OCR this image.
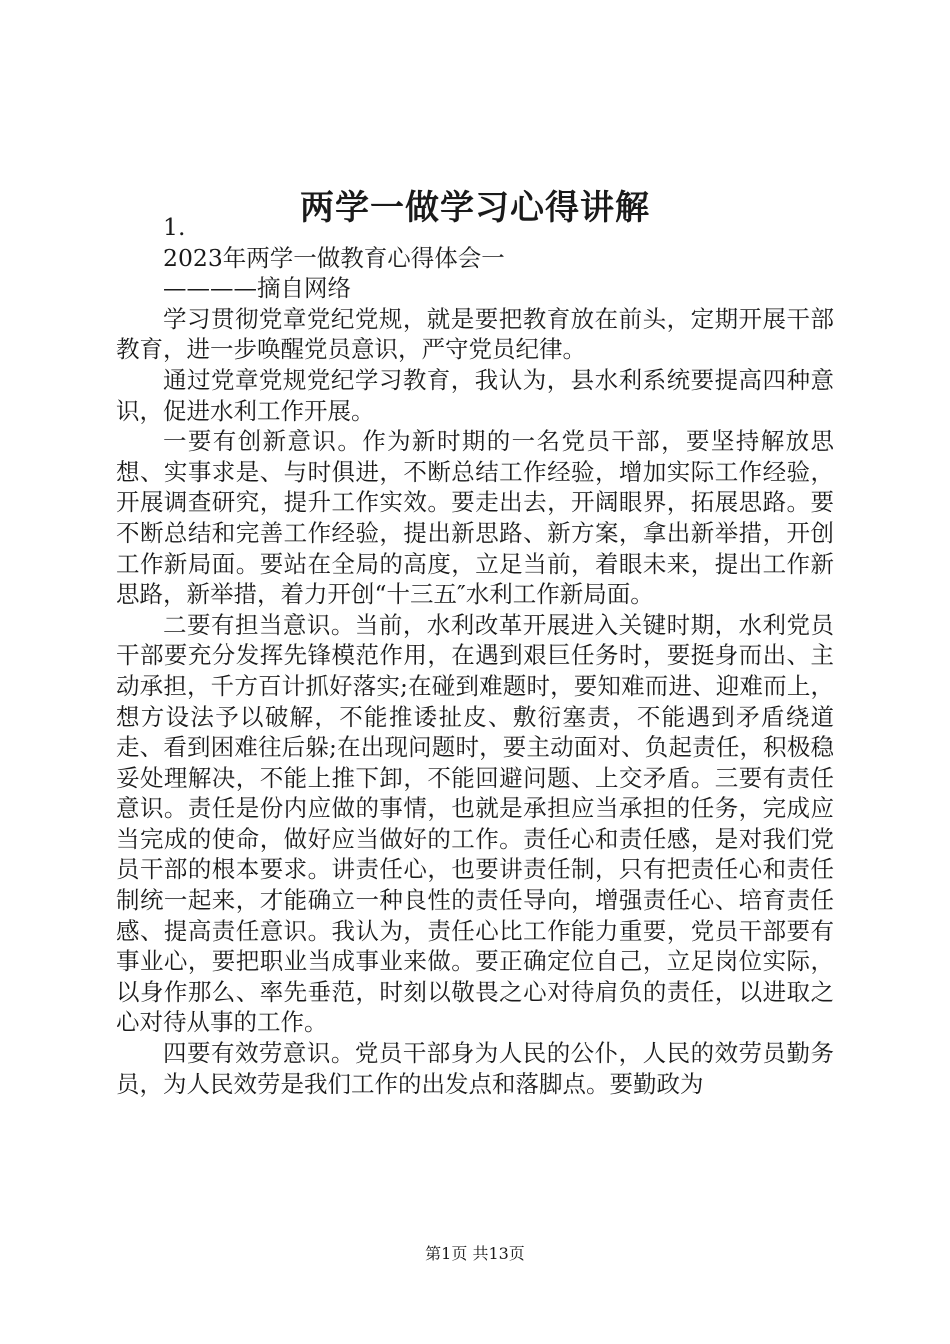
两学一做学习心得讲解

1.

2023年两学一做教育心得体会一

————摘自网络

学习贯彻党章党纪党规，就是要把教育放在前头，定期开展干部教育，进一步唤醒党员意识，严守党员纪律。

通过党章党规党纪学习教育，我认为，县水利系统要提高四种意识，促进水利工作开展。

一要有创新意识。作为新时期的一名党员干部，要坚持解放思想、实事求是、与时俱进，不断总结工作经验，增加实际工作经验，开展调查研究，提升工作实效。要走出去，开阔眼界，拓展思路。要不断总结和完善工作经验，提出新思路、新方案，拿出新举措，开创工作新局面。要站在全局的高度，立足当前，着眼未来，提出工作新思路，新举措，着力开创“十三五″水利工作新局面。

二要有担当意识。当前，水利改革开展进入关键时期，水利党员干部要充分发挥先锋模范作用，在遇到艰巨任务时，要挺身而出、主动承担，千方百计抓好落实;在碰到难题时，要知难而进、迎难而上，想方设法予以破解，不能推诿扯皮、敷衍塞责，不能遇到矛盾绕道走、看到困难往后躲;在出现问题时，要主动面对、负起责任，积极稳妥处理解决，不能上推下卸，不能回避问题、上交矛盾。三要有责任意识。责任是份内应做的事情，也就是承担应当承担的任务，完成应当完成的使命，做好应当做好的工作。责任心和责任感，是对我们党员干部的根本要求。讲责任心，也要讲责任制，只有把责任心和责任制统一起来，才能确立一种良性的责任导向，增强责任心、培育责任感、提高责任意识。我认为，责任心比工作能力重要，党员干部要有事业心，要把职业当成事业来做。要正确定位自己，立足岗位实际，以身作那么、率先垂范，时刻以敬畏之心对待肩负的责任，以进取之心对待从事的工作。

四要有效劳意识。党员干部身为人民的公仆，人民的效劳员勤务员，为人民效劳是我们工作的出发点和落脚点。要勤政为

第1页 共13页
